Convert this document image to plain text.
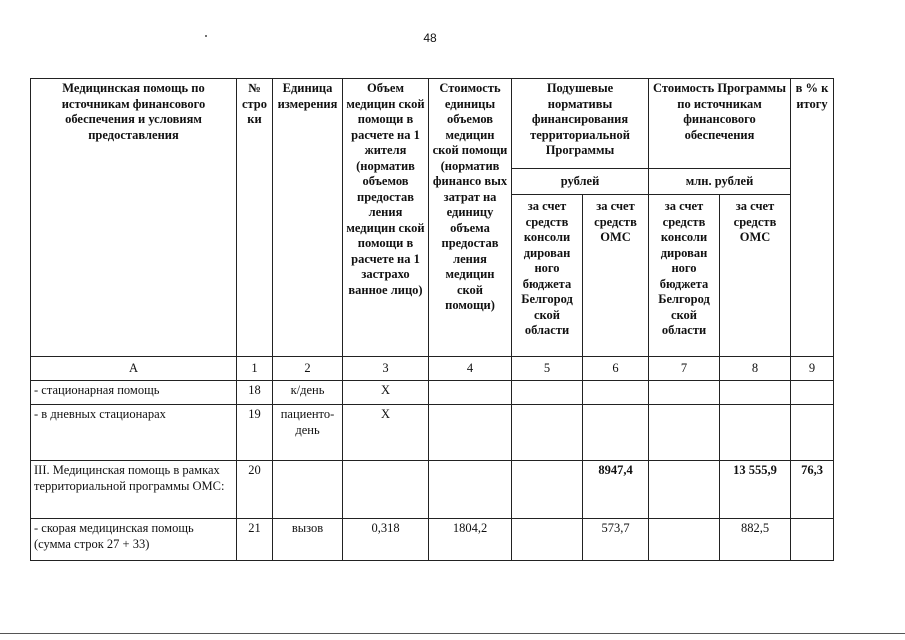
48
Медицинская помощь по источникам финансового обеспечения и условиям предоставления	№ стро ки	Единица измерения	Объем медицин ской помощи в расчете на 1 жителя (норматив объемов предостав ления медицин ской помощи в расчете на 1 застрахо ванное лицо)	Стоимость единицы объемов медицин ской помощи (норматив финансо вых затрат на единицу объема предостав ления медицин ской помощи)	Подушевые нормативы финансирования территориальной Программы		Стоимость Программы по источникам финансового обеспечения		в % к итогу
					рублей		млн. рублей		
					за счет средств консоли дирован ного бюджета Белгород ской области	за счет средств ОМС	за счет средств консоли дирован ного бюджета Белгород ской области	за счет средств ОМС	
А	1	2	3	4	5	6	7	8	9
- стационарная помощь	18	к/день	X						
- в дневных стационарах	19	пациенто-день	X						
III. Медицинская помощь в рамках территориальной программы ОМС:	20					8947,4		13 555,9	76,3
- скорая медицинская помощь (сумма строк 27 + 33)	21	вызов	0,318	1804,2		573,7		882,5	
